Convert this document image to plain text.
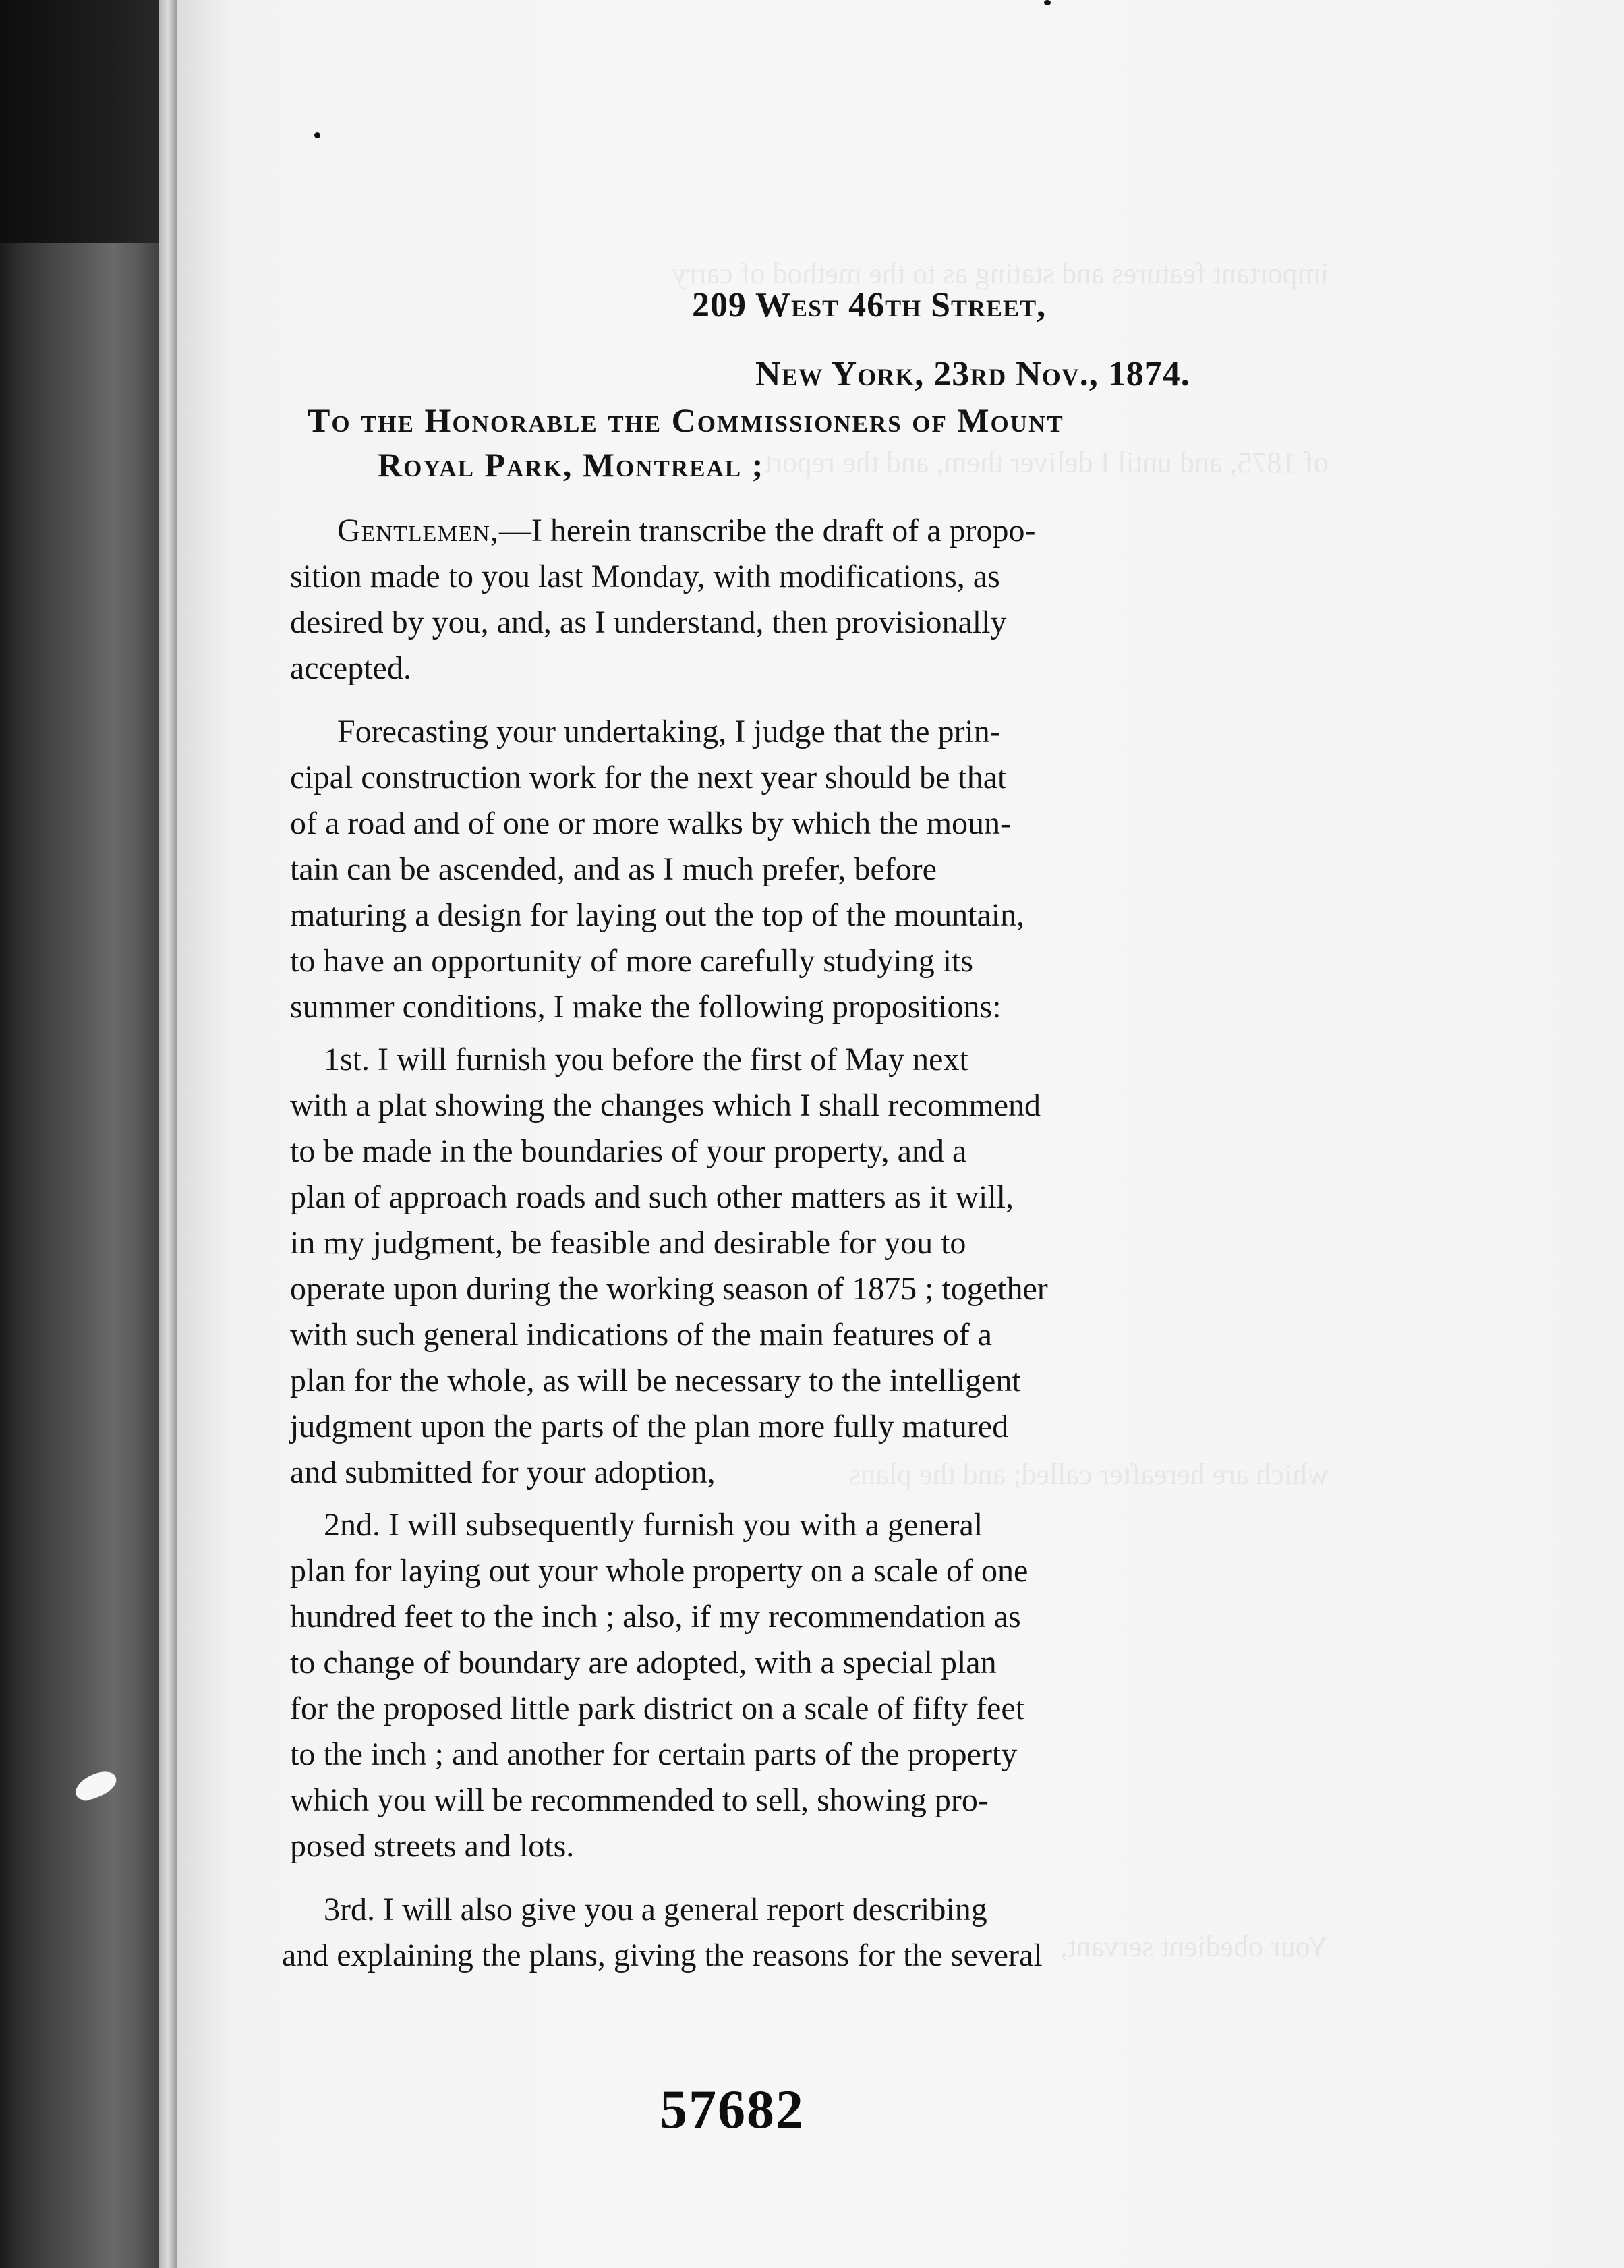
important features and stating as to the method of carry
of 1875, and until I deliver them, and the report
which are hereafter called; and the plans
Your obedient servant,
209 West 46th Street,
New York, 23rd Nov., 1874.
To the Honorable the Commissioners of Mount
Royal Park, Montreal ;
Gentlemen,—I herein transcribe the draft of a propo-
sition made to you last Monday, with modifications, as
desired by you, and, as I understand, then provisionally
accepted.
Forecasting your undertaking, I judge that the prin-
cipal construction work for the next year should be that
of a road and of one or more walks by which the moun-
tain can be ascended, and as I much prefer, before
maturing a design for laying out the top of the mountain,
to have an opportunity of more carefully studying its
summer conditions, I make the following propositions:
1st. I will furnish you before the first of May next
with a plat showing the changes which I shall recommend
to be made in the boundaries of your property, and a
plan of approach roads and such other matters as it will,
in my judgment, be feasible and desirable for you to
operate upon during the working season of 1875 ; together
with such general indications of the main features of a
plan for the whole, as will be necessary to the intelligent
judgment upon the parts of the plan more fully matured
and submitted for your adoption,
2nd. I will subsequently furnish you with a general
plan for laying out your whole property on a scale of one
hundred feet to the inch ; also, if my recommendation as
to change of boundary are adopted, with a special plan
for the proposed little park district on a scale of fifty feet
to the inch ; and another for certain parts of the property
which you will be recommended to sell, showing pro-
posed streets and lots.
3rd. I will also give you a general report describing
and explaining the plans, giving the reasons for the several
57682
